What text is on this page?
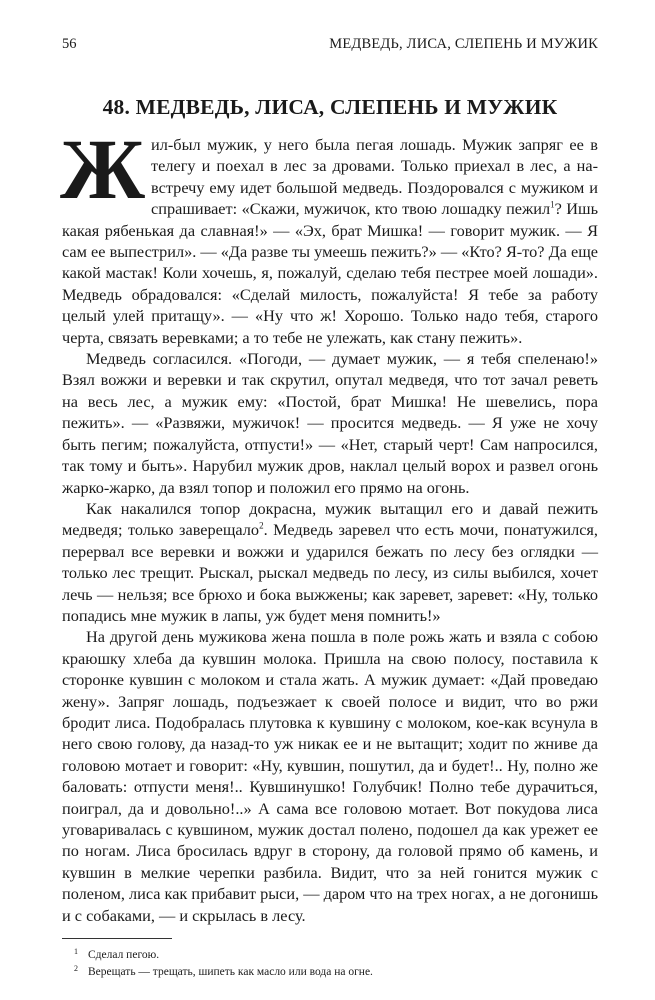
56	МЕДВЕДЬ, ЛИСА, СЛЕПЕНЬ И МУЖИК
48. МЕДВЕДЬ, ЛИСА, СЛЕПЕНЬ И МУЖИК

Жил-был мужик, у него была пегая лошадь. Мужик запряг ее в телегу и поехал в лес за дровами. Только приехал в лес, а навстречу ему идет большой медведь. Поздоровался с мужиком и спрашивает: «Скажи, мужичок, кто твою лошадку пежил$^1$? Ишь какая рябенькая да славная!» — «Эх, брат Мишка! — говорит мужик. — Я сам ее выпестрил». — «Да разве ты умеешь пежить?» — «Кто? Я-то? Да еще какой мастак! Коли хочешь, я, пожалуй, сделаю тебя пестрее моей лошади». Медведь обрадовался: «Сделай милость, пожалуйста! Я тебе за работу целый улей притащу». — «Ну что ж! Хорошо. Только надо тебя, старого черта, связать веревками; а то тебе не улежать, как стану пежить».

Медведь согласился. «Погоди, — думает мужик, — я тебя спеленаю!» Взял вожжи и веревки и так скрутил, опутал медведя, что тот зачал реветь на весь лес, а мужик ему: «Постой, брат Мишка! Не шевелись, пора пежить». — «Развяжи, мужичок! — просится медведь. — Я уже не хочу быть пегим; пожалуйста, отпусти!» — «Нет, старый черт! Сам напросился, так тому и быть». Нарубил мужик дров, наклал целый ворох и развел огонь жарко-жарко, да взял топор и положил его прямо на огонь.

Как накалился топор докрасна, мужик вытащил его и давай пежить медведя; только заверещало$^2$. Медведь заревел что есть мочи, понатужился, перервал все веревки и вожжи и ударился бежать по лесу без оглядки — только лес трещит. Рыскал, рыскал медведь по лесу, из силы выбился, хочет лечь — нельзя; все брюхо и бока выжжены; как заревет, заревет: «Ну, только попадись мне мужик в лапы, уж будет меня помнить!»

На другой день мужикова жена пошла в поле рожь жать и взяла с собою краюшку хлеба да кувшин молока. Пришла на свою полосу, поставила к сторонке кувшин с молоком и стала жать. А мужик думает: «Дай проведаю жену». Запряг лошадь, подъезжает к своей полосе и видит, что во ржи бродит лиса. Подобралась плутовка к кувшину с молоком, кое-как всунула в него свою голову, да назад-то уж никак ее и не вытащит; ходит по жниве да головою мотает и говорит: «Ну, кувшин, пошутил, да и будет!.. Ну, полно же баловать: отпусти меня!.. Кувшинушко! Голубчик! Полно тебе дурачиться, поиграл, да и довольно!..» А сама все головою мотает. Вот покудова лиса уговаривалась с кувшином, мужик достал полено, подошел да как урежет ее по ногам. Лиса бросилась вдруг в сторону, да головой прямо об камень, и кувшин в мелкие черепки разбила. Видит, что за ней гонится мужик с поленом, лиса как прибавит рыси, — даром что на трех ногах, а не догонишь и с собаками, — и скрылась в лесу.

1 Сделал пегою.
2 Верещать — трещать, шипеть как масло или вода на огне.
